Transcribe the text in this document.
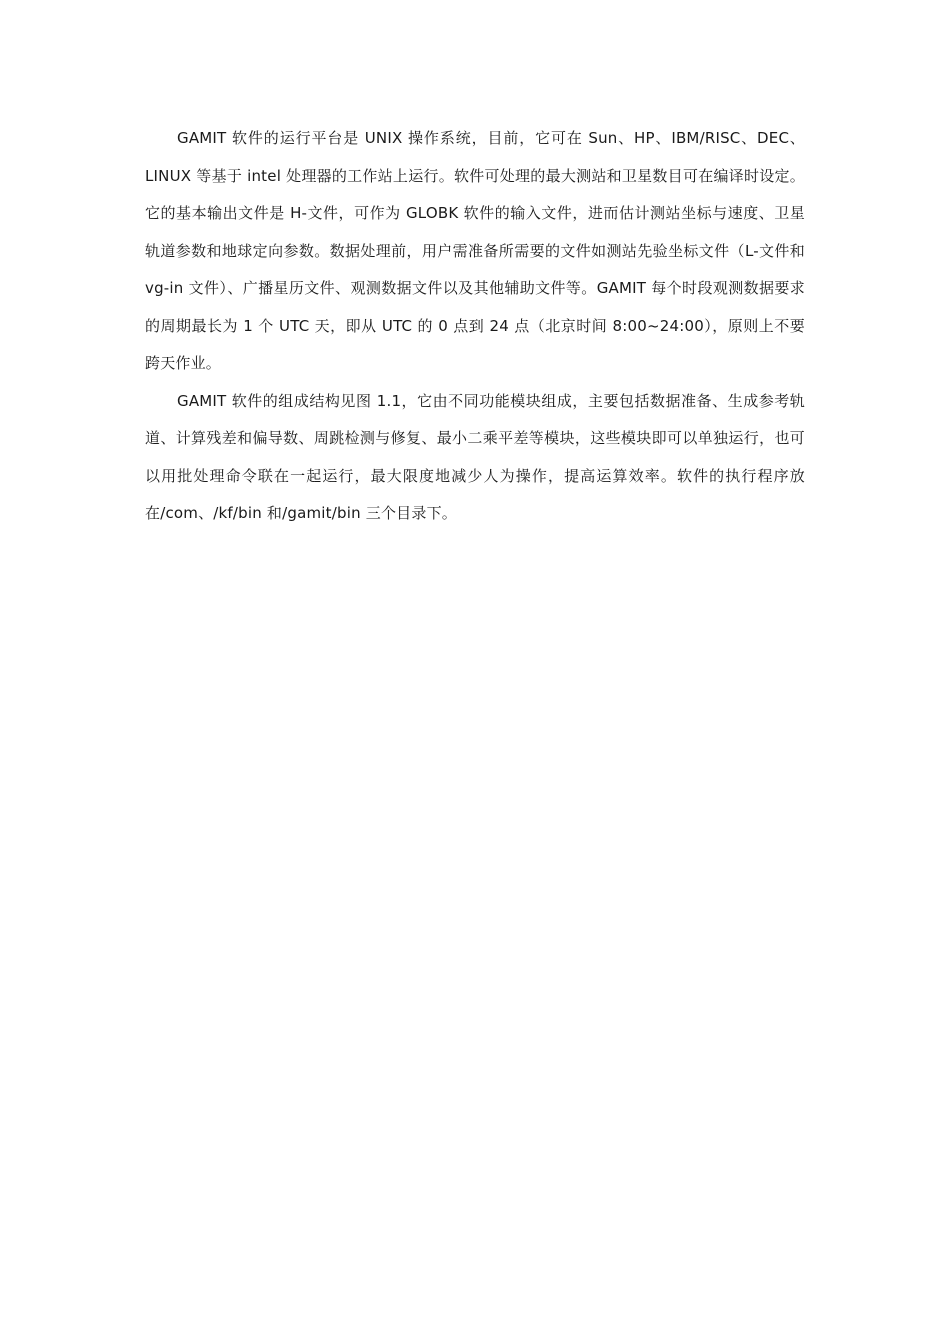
GAMIT 软件的运行平台是 UNIX 操作系统，目前，它可在 Sun、HP、IBM/RISC、DEC、LINUX 等基于 intel 处理器的工作站上运行。软件可处理的最大测站和卫星数目可在编译时设定。它的基本输出文件是 H-文件，可作为 GLOBK 软件的输入文件，进而估计测站坐标与速度、卫星轨道参数和地球定向参数。数据处理前，用户需准备所需要的文件如测站先验坐标文件（L-文件和 vg-in 文件）、广播星历文件、观测数据文件以及其他辅助文件等。GAMIT 每个时段观测数据要求的周期最长为 1 个 UTC 天，即从 UTC 的 0 点到 24 点（北京时间 8:00~24:00），原则上不要跨天作业。

GAMIT 软件的组成结构见图 1.1，它由不同功能模块组成，主要包括数据准备、生成参考轨道、计算残差和偏导数、周跳检测与修复、最小二乘平差等模块，这些模块即可以单独运行，也可以用批处理命令联在一起运行，最大限度地减少人为操作，提高运算效率。软件的执行程序放在/com、/kf/bin 和/gamit/bin 三个目录下。
